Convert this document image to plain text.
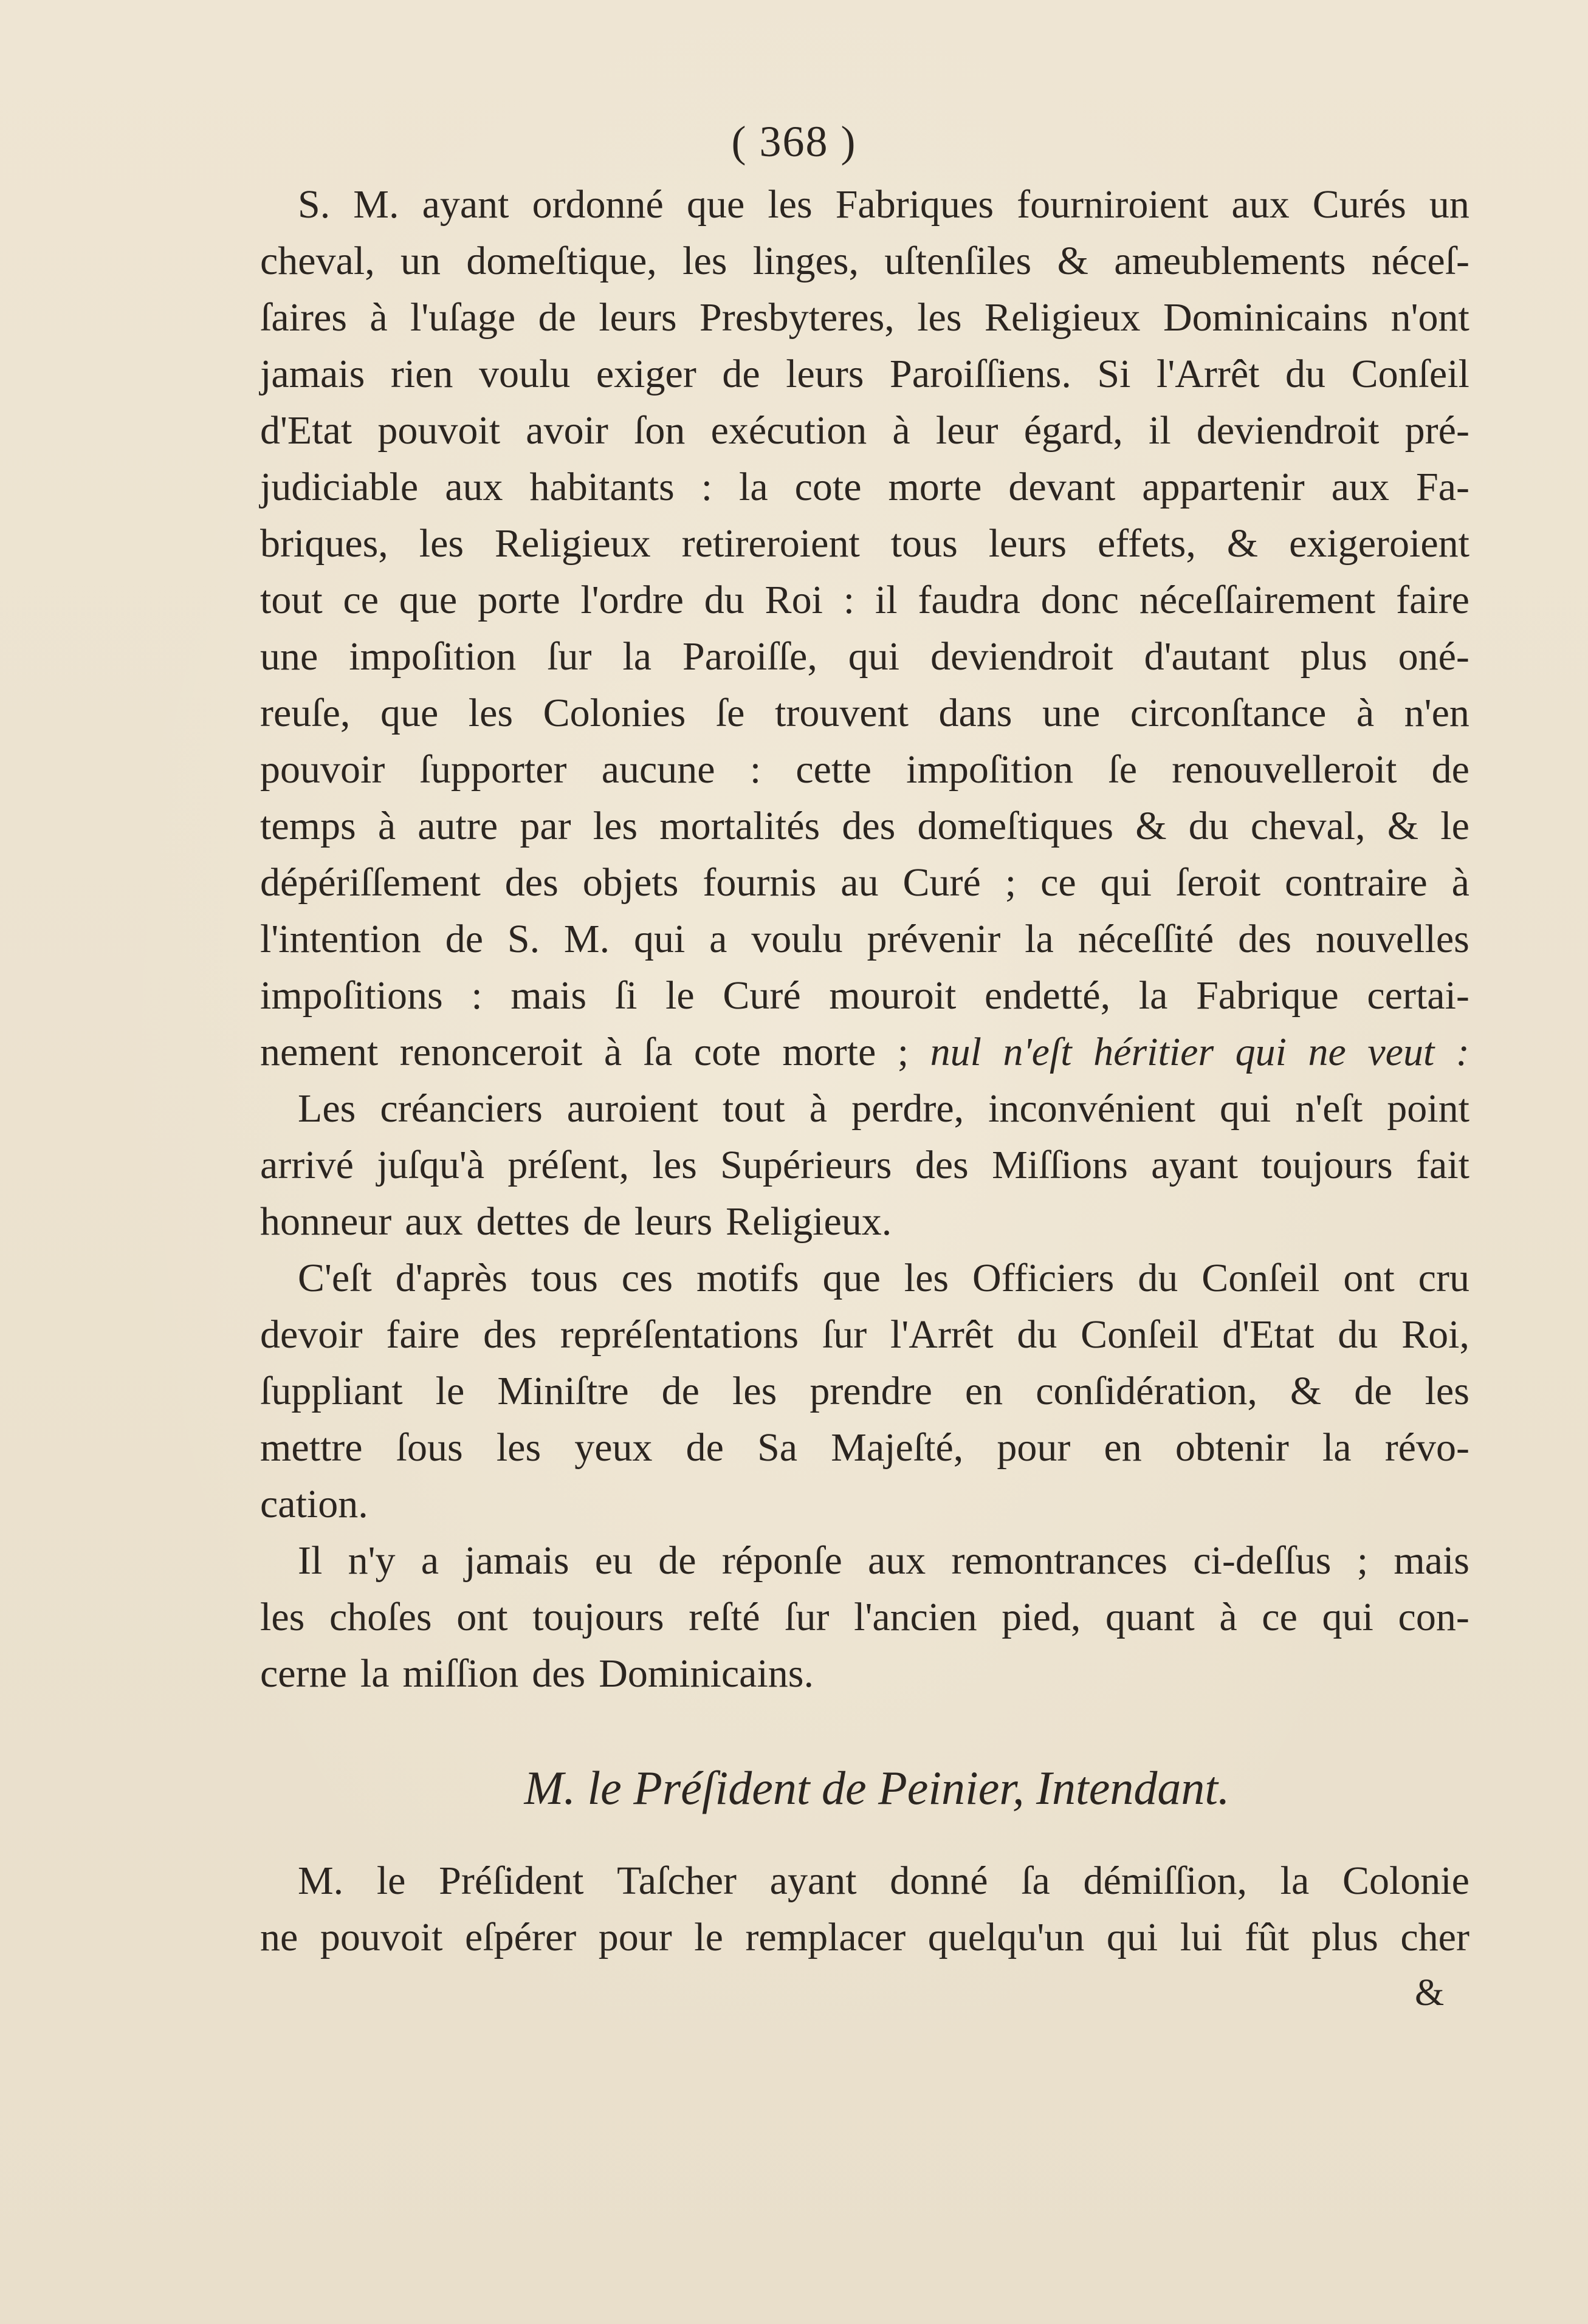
( 368 )
S. M. ayant ordonné que les Fabriques fourniroient aux Curés un
cheval, un domeſtique, les linges, uſtenſiles & ameublements néceſ-
ſaires à l'uſage de leurs Presbyteres, les Religieux Dominicains n'ont
jamais rien voulu exiger de leurs Paroiſſiens. Si l'Arrêt du Conſeil
d'Etat pouvoit avoir ſon exécution à leur égard, il deviendroit pré-
judiciable aux habitants : la cote morte devant appartenir aux Fa-
briques, les Religieux retireroient tous leurs effets, & exigeroient
tout ce que porte l'ordre du Roi : il faudra donc néceſſairement faire
une impoſition ſur la Paroiſſe, qui deviendroit d'autant plus oné-
reuſe, que les Colonies ſe trouvent dans une circonſtance à n'en
pouvoir ſupporter aucune : cette impoſition ſe renouvelleroit de
temps à autre par les mortalités des domeſtiques & du cheval, & le
dépériſſement des objets fournis au Curé ; ce qui ſeroit contraire à
l'intention de S. M. qui a voulu prévenir la néceſſité des nouvelles
impoſitions : mais ſi le Curé mouroit endetté, la Fabrique certai-
nement renonceroit à ſa cote morte ; nul n'eſt héritier qui ne veut :
Les créanciers auroient tout à perdre, inconvénient qui n'eſt point
arrivé juſqu'à préſent, les Supérieurs des Miſſions ayant toujours fait
honneur aux dettes de leurs Religieux.
C'eſt d'après tous ces motifs que les Officiers du Conſeil ont cru
devoir faire des repréſentations ſur l'Arrêt du Conſeil d'Etat du Roi,
ſuppliant le Miniſtre de les prendre en conſidération, & de les
mettre ſous les yeux de Sa Majeſté, pour en obtenir la révo-
cation.
Il n'y a jamais eu de réponſe aux remontrances ci-deſſus ; mais
les choſes ont toujours reſté ſur l'ancien pied, quant à ce qui con-
cerne la miſſion des Dominicains.
M. le Préſident de Peinier, Intendant.
M. le Préſident Taſcher ayant donné ſa démiſſion, la Colonie
ne pouvoit eſpérer pour le remplacer quelqu'un qui lui fût plus cher
&
